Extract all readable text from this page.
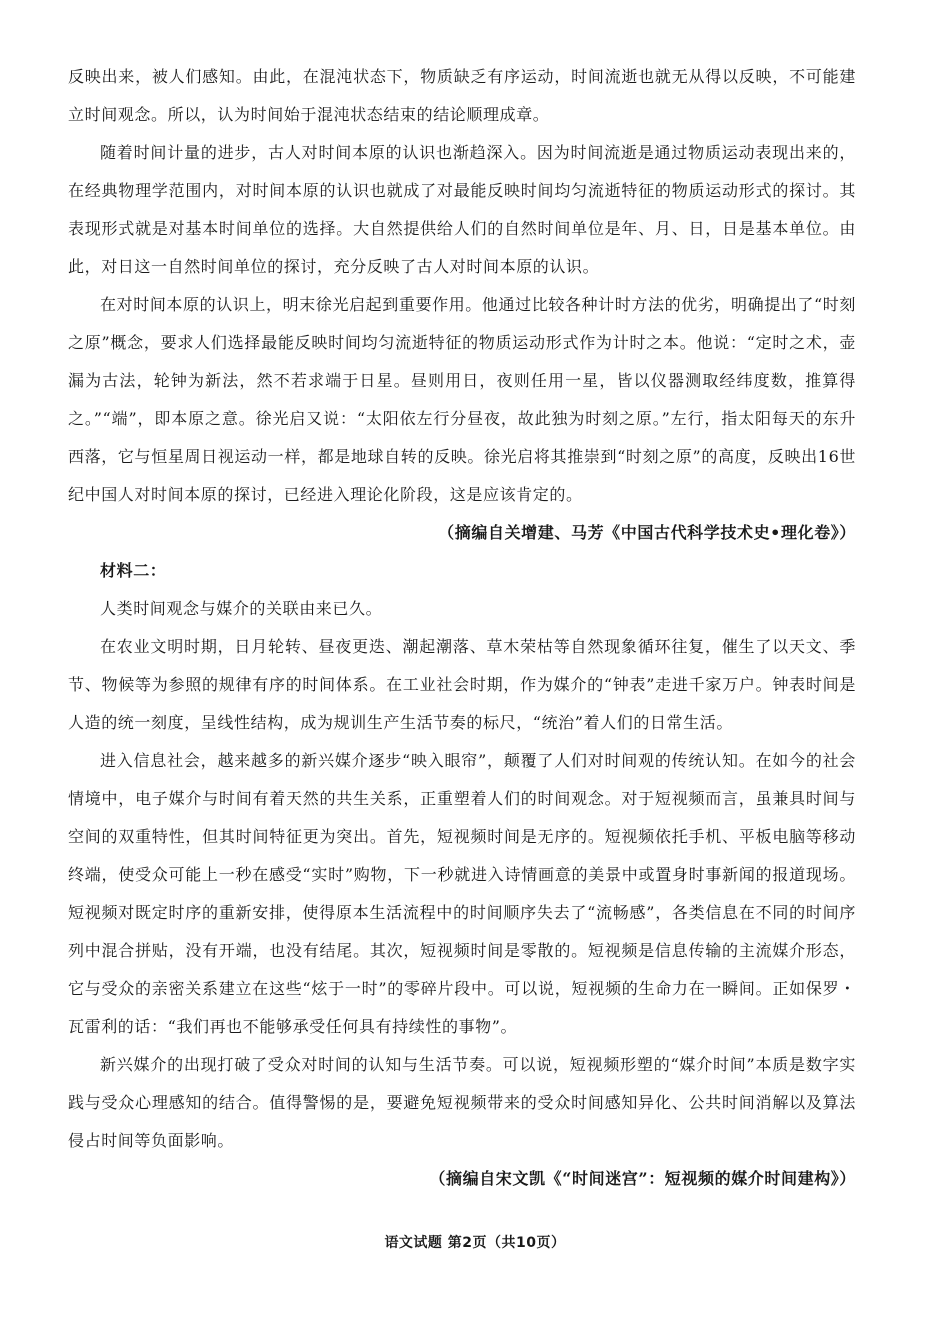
反映出来，被人们感知。由此，在混沌状态下，物质缺乏有序运动，时间流逝也就无从得以反映，不可能建立时间观念。所以，认为时间始于混沌状态结束的结论顺理成章。

随着时间计量的进步，古人对时间本原的认识也渐趋深入。因为时间流逝是通过物质运动表现出来的，在经典物理学范围内，对时间本原的认识也就成了对最能反映时间均匀流逝特征的物质运动形式的探讨。其表现形式就是对基本时间单位的选择。大自然提供给人们的自然时间单位是年、月、日，日是基本单位。由此，对日这一自然时间单位的探讨，充分反映了古人对时间本原的认识。

在对时间本原的认识上，明末徐光启起到重要作用。他通过比较各种计时方法的优劣，明确提出了“时刻之原”概念，要求人们选择最能反映时间均匀流逝特征的物质运动形式作为计时之本。他说：“定时之术，壶漏为古法，轮钟为新法，然不若求端于日星。昼则用日，夜则任用一星，皆以仪器测取经纬度数，推算得之。”“端”，即本原之意。徐光启又说：“太阳依左行分昼夜，故此独为时刻之原。”左行，指太阳每天的东升西落，它与恒星周日视运动一样，都是地球自转的反映。徐光启将其推崇到“时刻之原”的高度，反映出16世纪中国人对时间本原的探讨，已经进入理论化阶段，这是应该肯定的。

（摘编自关增建、马芳《中国古代科学技术史•理化卷》）

材料二：

人类时间观念与媒介的关联由来已久。

在农业文明时期，日月轮转、昼夜更迭、潮起潮落、草木荣枯等自然现象循环往复，催生了以天文、季节、物候等为参照的规律有序的时间体系。在工业社会时期，作为媒介的“钟表”走进千家万户。钟表时间是人造的统一刻度，呈线性结构，成为规训生产生活节奏的标尺，“统治”着人们的日常生活。

进入信息社会，越来越多的新兴媒介逐步“映入眼帘”，颠覆了人们对时间观的传统认知。在如今的社会情境中，电子媒介与时间有着天然的共生关系，正重塑着人们的时间观念。对于短视频而言，虽兼具时间与空间的双重特性，但其时间特征更为突出。首先，短视频时间是无序的。短视频依托手机、平板电脑等移动终端，使受众可能上一秒在感受“实时”购物，下一秒就进入诗情画意的美景中或置身时事新闻的报道现场。短视频对既定时序的重新安排，使得原本生活流程中的时间顺序失去了“流畅感”，各类信息在不同的时间序列中混合拼贴，没有开端，也没有结尾。其次，短视频时间是零散的。短视频是信息传输的主流媒介形态，它与受众的亲密关系建立在这些“炫于一时”的零碎片段中。可以说，短视频的生命力在一瞬间。正如保罗・瓦雷利的话：“我们再也不能够承受任何具有持续性的事物”。

新兴媒介的出现打破了受众对时间的认知与生活节奏。可以说，短视频形塑的“媒介时间”本质是数字实践与受众心理感知的结合。值得警惕的是，要避免短视频带来的受众时间感知异化、公共时间消解以及算法侵占时间等负面影响。

（摘编自宋文凯《“时间迷宫”：短视频的媒介时间建构》）

语文试题 第2页（共10页）
